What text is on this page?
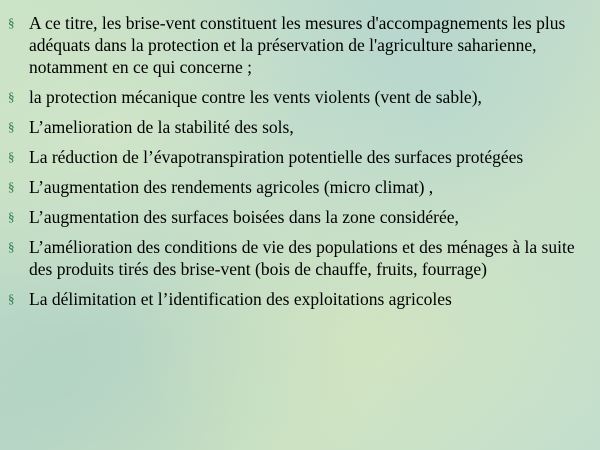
§ A ce titre, les brise-vent constituent les mesures d'accompagnements les plus adéquats dans la protection et la préservation de l'agriculture saharienne, notamment en ce qui concerne ;
§ la protection mécanique contre les vents violents (vent de sable),
§ L’amelioration de la stabilité des sols,
§ La réduction de l’évapotranspiration potentielle des surfaces protégées
§ L’augmentation des rendements agricoles (micro climat) ,
§ L’augmentation des surfaces boisées dans la zone considérée,
§ L’amélioration des conditions de vie des populations et des ménages à la suite des produits tirés des brise-vent (bois de chauffe, fruits, fourrage)
§ La délimitation et l’identification des exploitations agricoles
